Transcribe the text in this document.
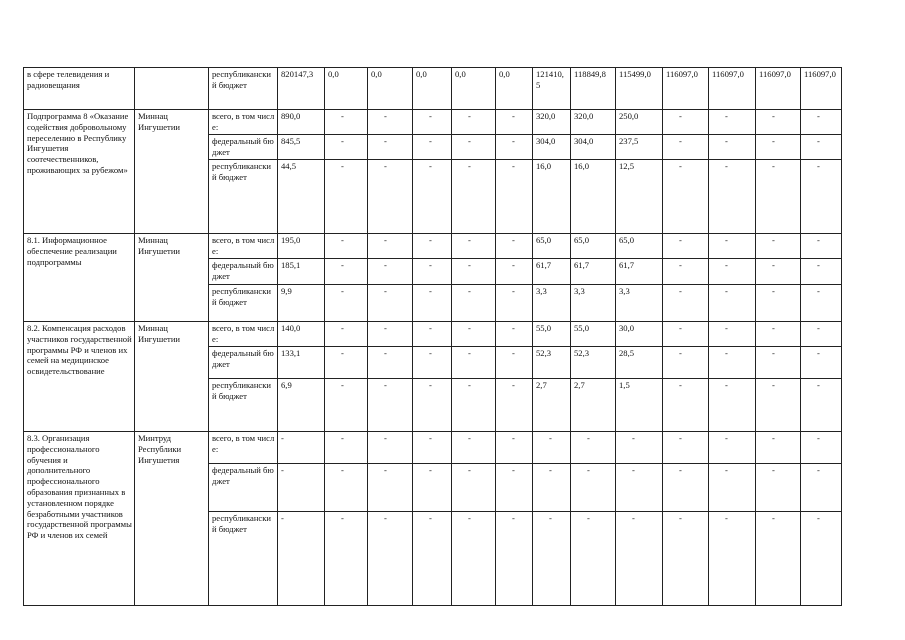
в сфере телевидения и радиовещания		республиканский бюджет	820147,3	0,0	0,0	0,0	0,0	0,0	121410,5	118849,8	115499,0	116097,0	116097,0	116097,0	116097,0
Подпрограмма 8 «Оказание содействия добровольному переселению в Республику Ингушетия соотечественников, проживающих за рубежом»	Миннац Ингушетии	всего, в том числе:	890,0	-	-	-	-	-	320,0	320,0	250,0	-	-	-	-
		федеральный бюджет	845,5	-	-	-	-	-	304,0	304,0	237,5	-	-	-	-
		республиканский бюджет	44,5	-	-	-	-	-	16,0	16,0	12,5	-	-	-	-
8.1. Информационное обеспечение реализации подпрограммы	Миннац Ингушетии	всего, в том числе:	195,0	-	-	-	-	-	65,0	65,0	65,0	-	-	-	-
		федеральный бюджет	185,1	-	-	-	-	-	61,7	61,7	61,7	-	-	-	-
		республиканский бюджет	9,9	-	-	-	-	-	3,3	3,3	3,3	-	-	-	-
8.2. Компенсация расходов участников государственной программы РФ и членов их семей на медицинское освидетельствование	Миннац Ингушетии	всего, в том числе:	140,0	-	-	-	-	-	55,0	55,0	30,0	-	-	-	-
		федеральный бюджет	133,1	-	-	-	-	-	52,3	52,3	28,5	-	-	-	-
		республиканский бюджет	6,9	-	-	-	-	-	2,7	2,7	1,5	-	-	-	-
8.3. Организация профессионального обучения и дополнительного профессионального образования признанных в установленном порядке безработными участников государственной программы РФ и членов их семей	Минтруд Республики Ингушетия	всего, в том числе:	-	-	-	-	-	-	-	-	-	-	-	-	-
		федеральный бюджет	-	-	-	-	-	-	-	-	-	-	-	-	-
		республиканский бюджет	-	-	-	-	-	-	-	-	-	-	-	-	-
